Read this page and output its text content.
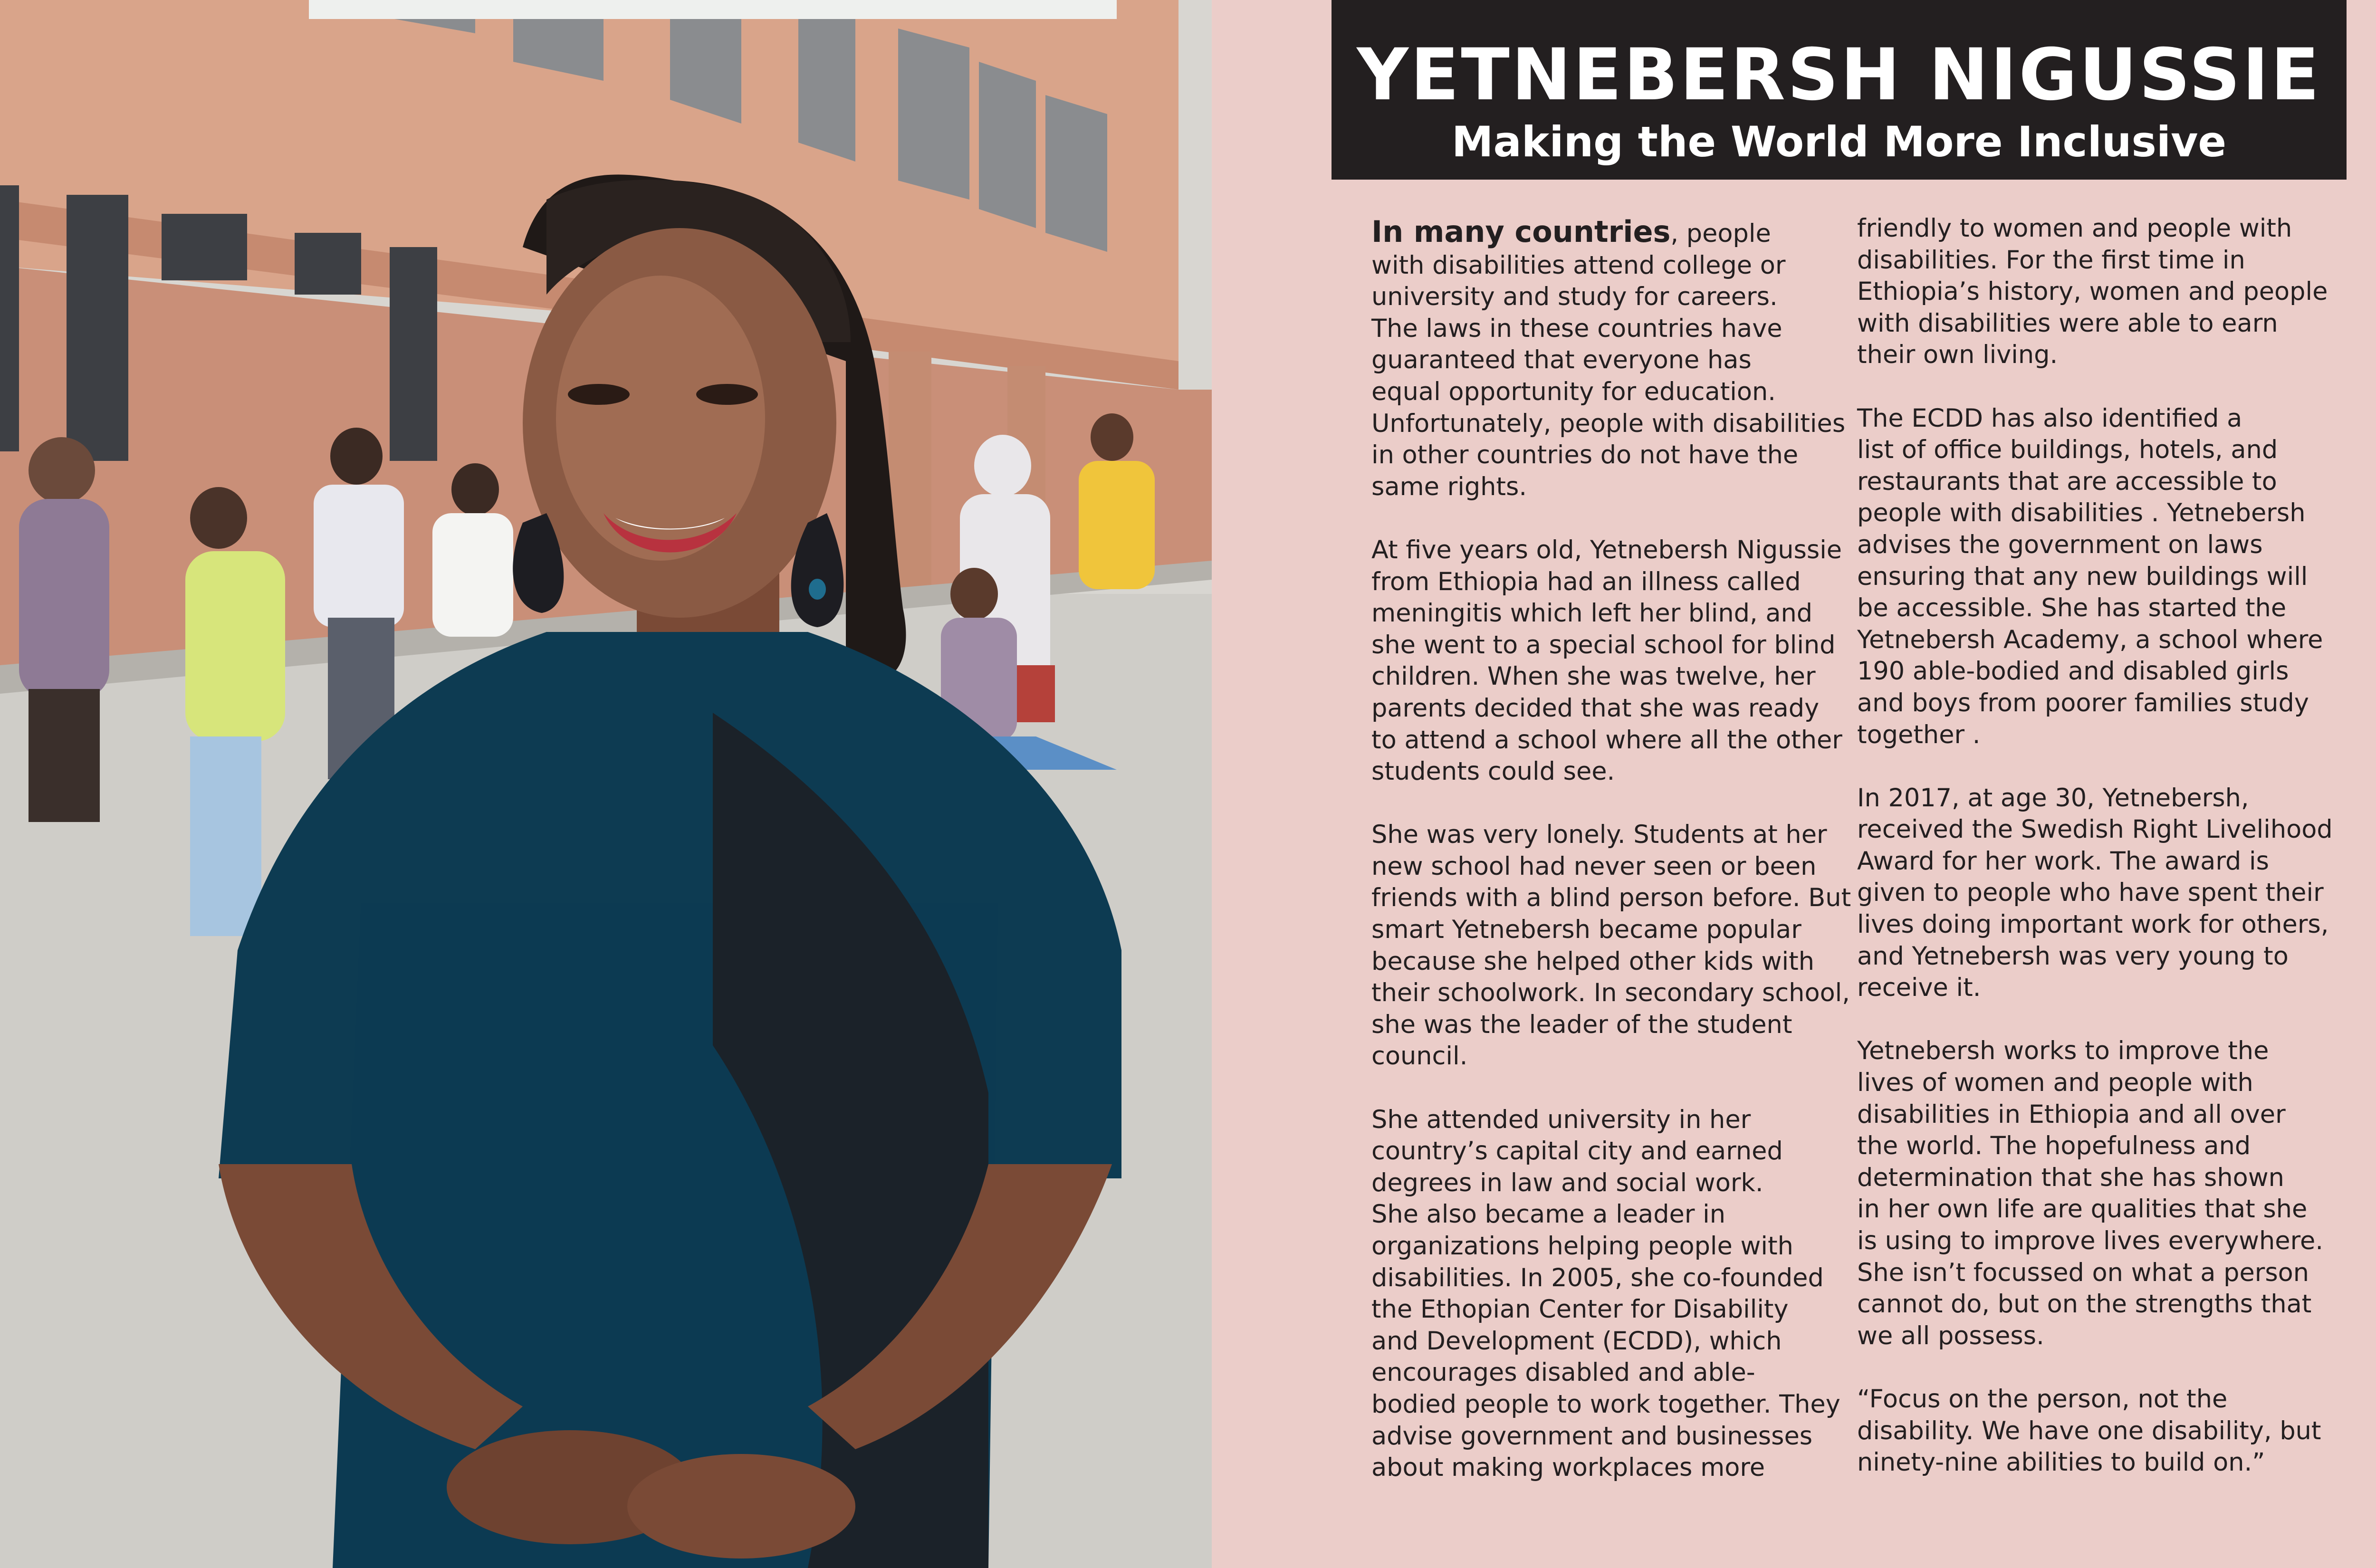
YETNEBERSH NIGUSSIE
Making the World More Inclusive
In many countries, people
with disabilities attend college or
university and study for careers.
The laws in these countries have
guaranteed that everyone has
equal opportunity for education.
Unfortunately, people with disabilities
in other countries do not have the
same rights.
At five years old, Yetnebersh Nigussie
from Ethiopia had an illness called
meningitis which left her blind, and
she went to a special school for blind
children. When she was twelve, her
parents decided that she was ready
to attend a school where all the other
students could see.
She was very lonely. Students at her
new school had never seen or been
friends with a blind person before. But
smart Yetnebersh became popular
because she helped other kids with
their schoolwork. In secondary school,
she was the leader of the student
council.
She attended university in her
country’s capital city and earned
degrees in law and social work.
She also became a leader in
organizations helping people with
disabilities. In 2005, she co-founded
the Ethopian Center for Disability
and Development (ECDD), which
encourages disabled and able-
bodied people to work together. They
advise government and businesses
about making workplaces more
friendly to women and people with
disabilities. For the first time in
Ethiopia’s history, women and people
with disabilities were able to earn
their own living.
The ECDD has also identified a
list of office buildings, hotels, and
restaurants that are accessible to
people with disabilities . Yetnebersh
advises the government on laws
ensuring that any new buildings will
be accessible. She has started the
Yetnebersh Academy, a school where
190 able-bodied and disabled girls
and boys from poorer families study
together .
In 2017, at age 30, Yetnebersh,
received the Swedish Right Livelihood
Award for her work. The award is
given to people who have spent their
lives doing important work for others,
and Yetnebersh was very young to
receive it.
Yetnebersh works to improve the
lives of women and people with
disabilities in Ethiopia and all over
the world. The hopefulness and
determination that she has shown
in her own life are qualities that she
is using to improve lives everywhere.
She isn’t focussed on what a person
cannot do, but on the strengths that
we all possess.
“Focus on the person, not the
disability. We have one disability, but
ninety-nine abilities to build on.”
